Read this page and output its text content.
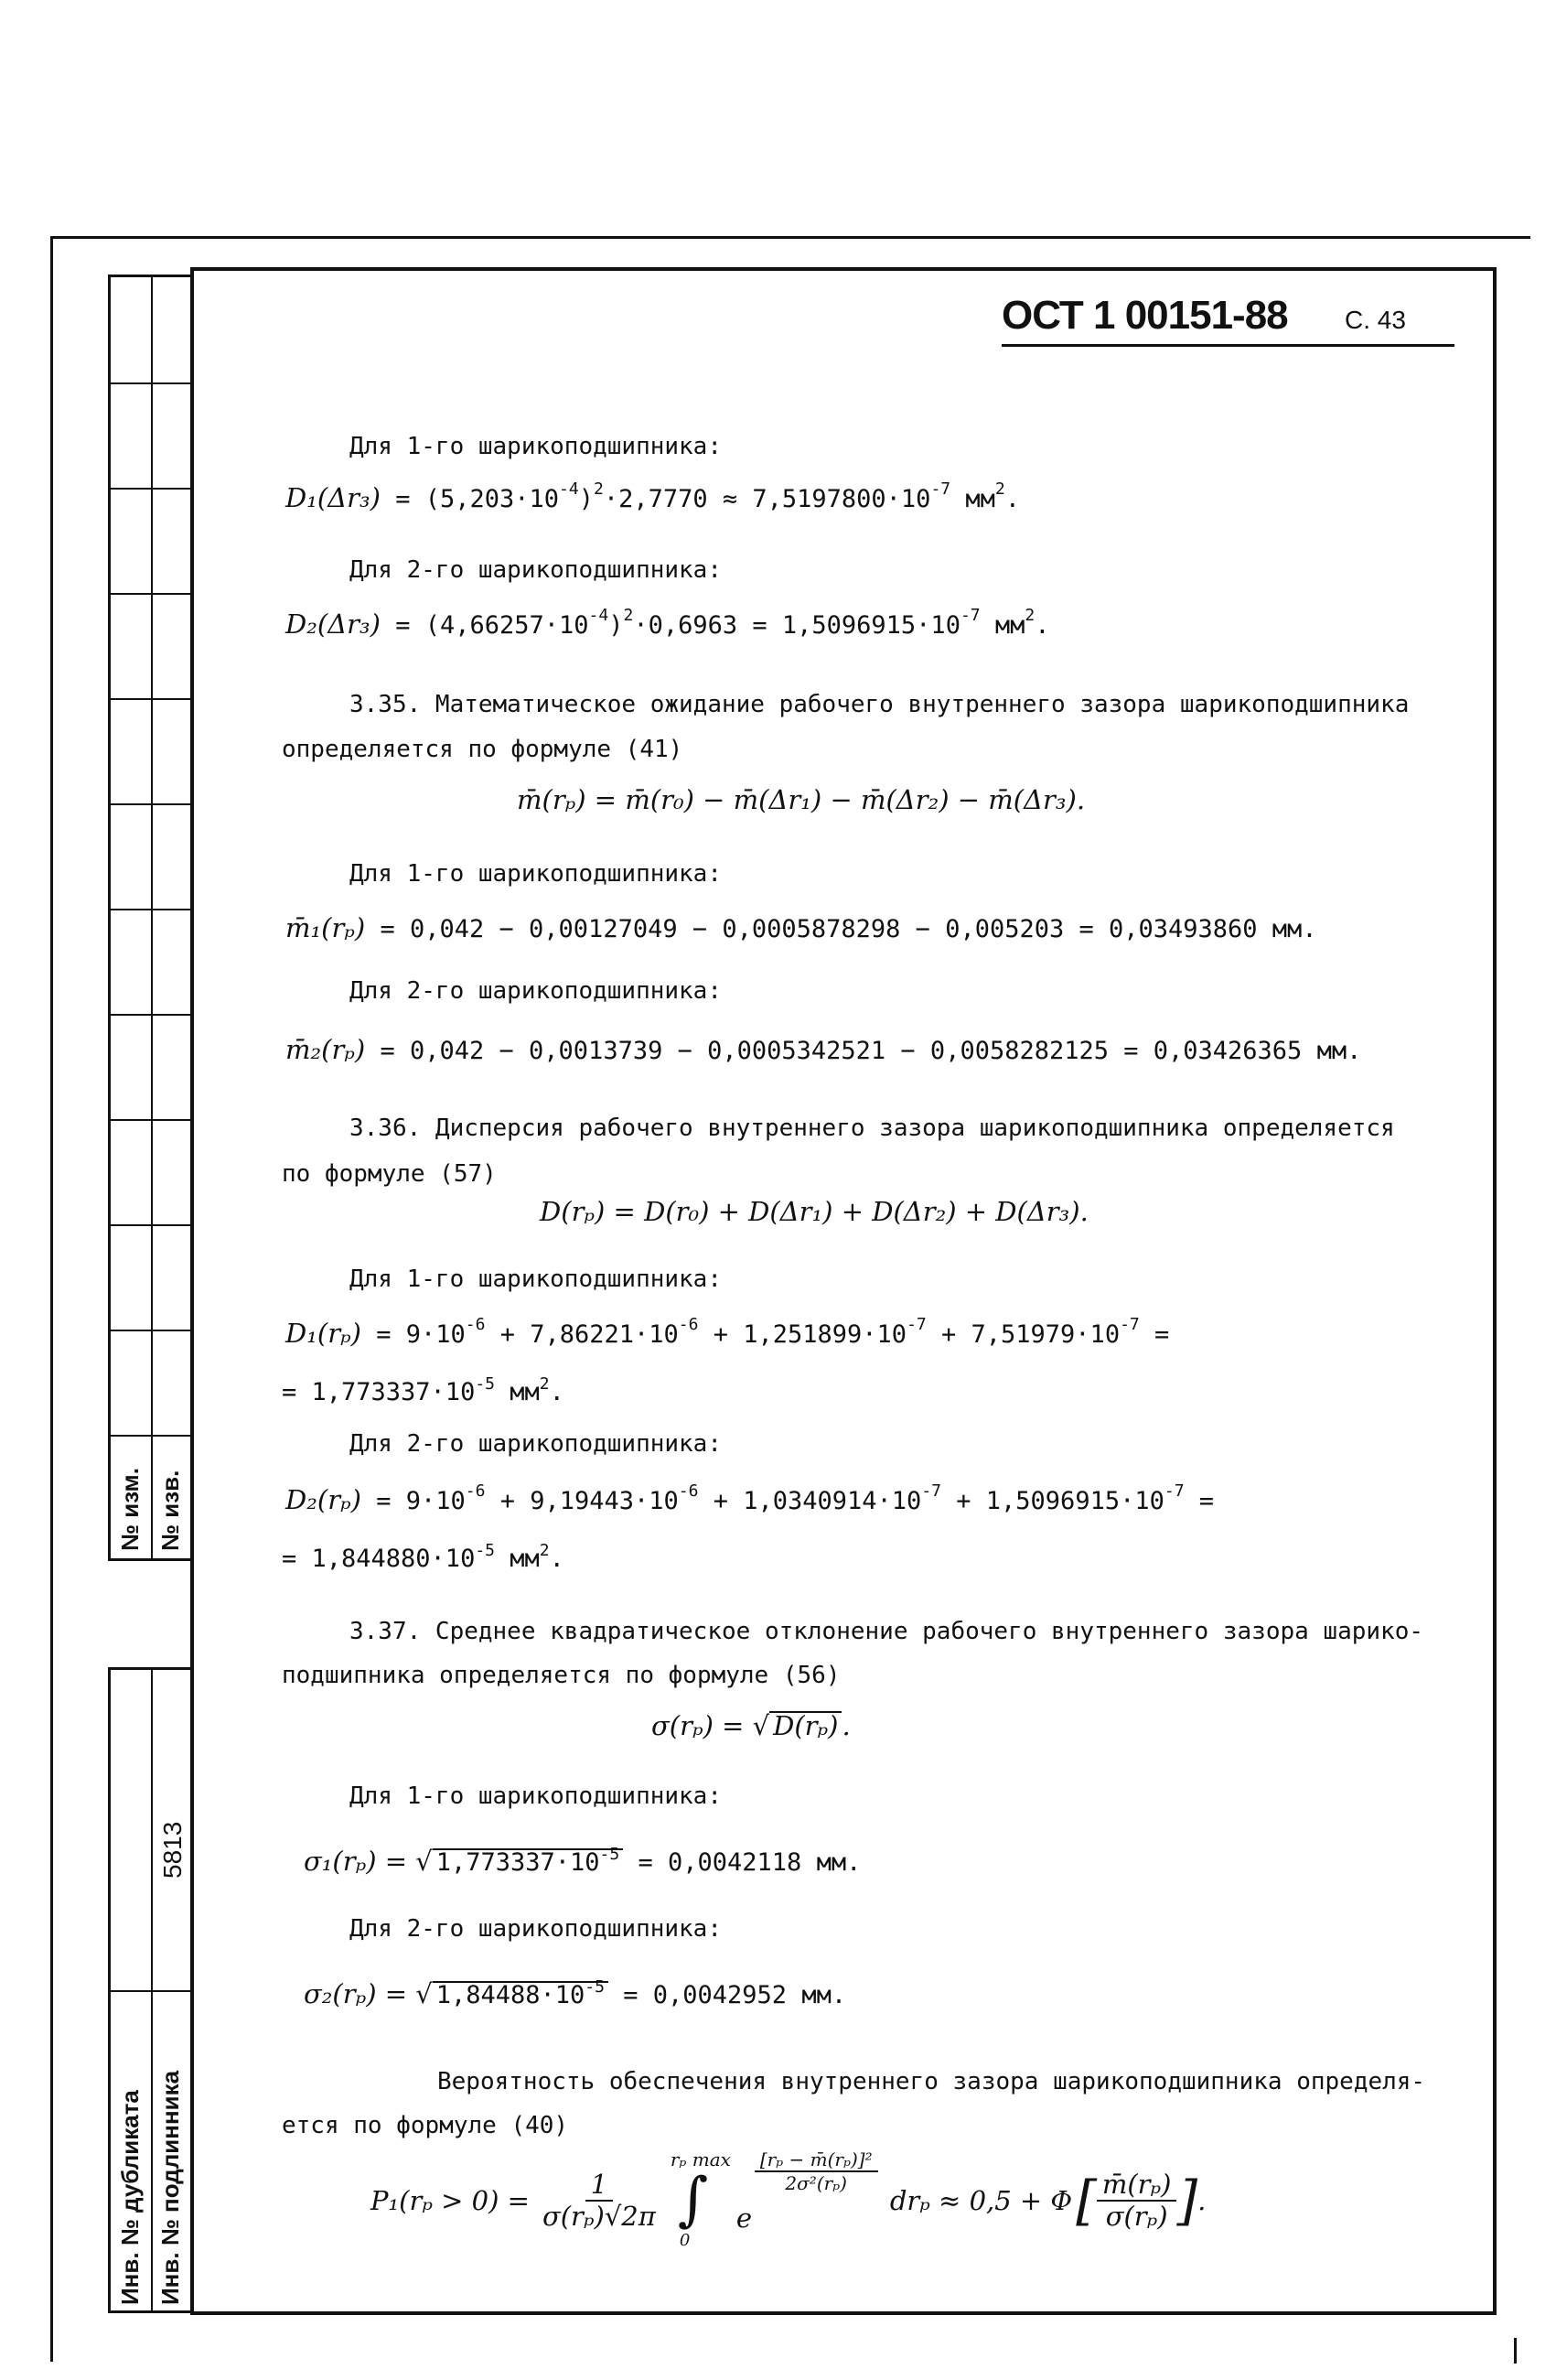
№ изм. № изв.
5813
Инв. № дубликата Инв. № подлинника
ОСТ 1 00151-88 С. 43
Для 1-го шарикоподшипника:
$D_1(\Delta r_3) = (5,203\cdot 10^{-4})^2\cdot 2,7770 \approx 7,5197800\cdot 10^{-7}$ $мм^2$.
Для 2-го шарикоподшипника:
$D_2(\Delta r_3) = (4,66257\cdot 10^{-4})^2\cdot 0,6963 = 1,5096915\cdot 10^{-7}$ $мм^2$.
3.35. Математическое ожидание рабочего внутреннего зазора шарикоподшипника
определяется по формуле (41)
m̄(rₚ) = m̄(r₀) − m̄(Δr₁) − m̄(Δr₂) − m̄(Δr₃).
Для 1-го шарикоподшипника:
m̄₁(rₚ) = 0,042 − 0,00127049 − 0,0005878298 − 0,005203 = 0,03493860 мм.
Для 2-го шарикоподшипника:
m̄₂(rₚ) = 0,042 − 0,0013739 − 0,0005342521 − 0,0058282125 = 0,03426365 мм.
3.36. Дисперсия рабочего внутреннего зазора шарикоподшипника определяется
по формуле (57)
D(rₚ) = D(r₀) + D(Δr₁) + D(Δr₂) + D(Δr₃).
Для 1-го шарикоподшипника:
$D_1(r_p) = 9\cdot 10^{-6} + 7,86221\cdot 10^{-6} + 1,251899\cdot 10^{-7} + 7,51979\cdot 10^{-7}$ =
= $1,773337\cdot 10^{-5}$ $мм^2$.
Для 2-го шарикоподшипника:
$D_2(r_p) = 9\cdot 10^{-6} + 9,19443\cdot 10^{-6} + 1,0340914\cdot 10^{-7} + 1,5096915\cdot 10^{-7}$ =
= $1,844880\cdot 10^{-5}$ $мм^2$.
3.37. Среднее квадратическое отклонение рабочего внутреннего зазора шарико-
подшипника определяется по формуле (56)
σ(rₚ) = √ D(rₚ) .
Для 1-го шарикоподшипника:
σ₁(rₚ) = √ $1,773337\cdot 10^{-5} = 0,0042118$ мм.
Для 2-го шарикоподшипника:
σ₂(rₚ) = √ $1,84488\cdot 10^{-5} = 0,0042952$ мм.
Вероятность обеспечения внутреннего зазора шарикоподшипника определя-
ется по формуле (40)
$P_1(r_p > 0) = \frac{1}{\text{σ(rₚ)√2π}}$
rₚ max
∫
0
e
$\frac{\text{[rₚ − m̄(rₚ)]²}}{\text{2σ²(rₚ)}}$
drₚ ≈ 0,5 + Φ [ $\frac{\text{m̄(rₚ)}}{\text{σ(rₚ)}}$ ] .
